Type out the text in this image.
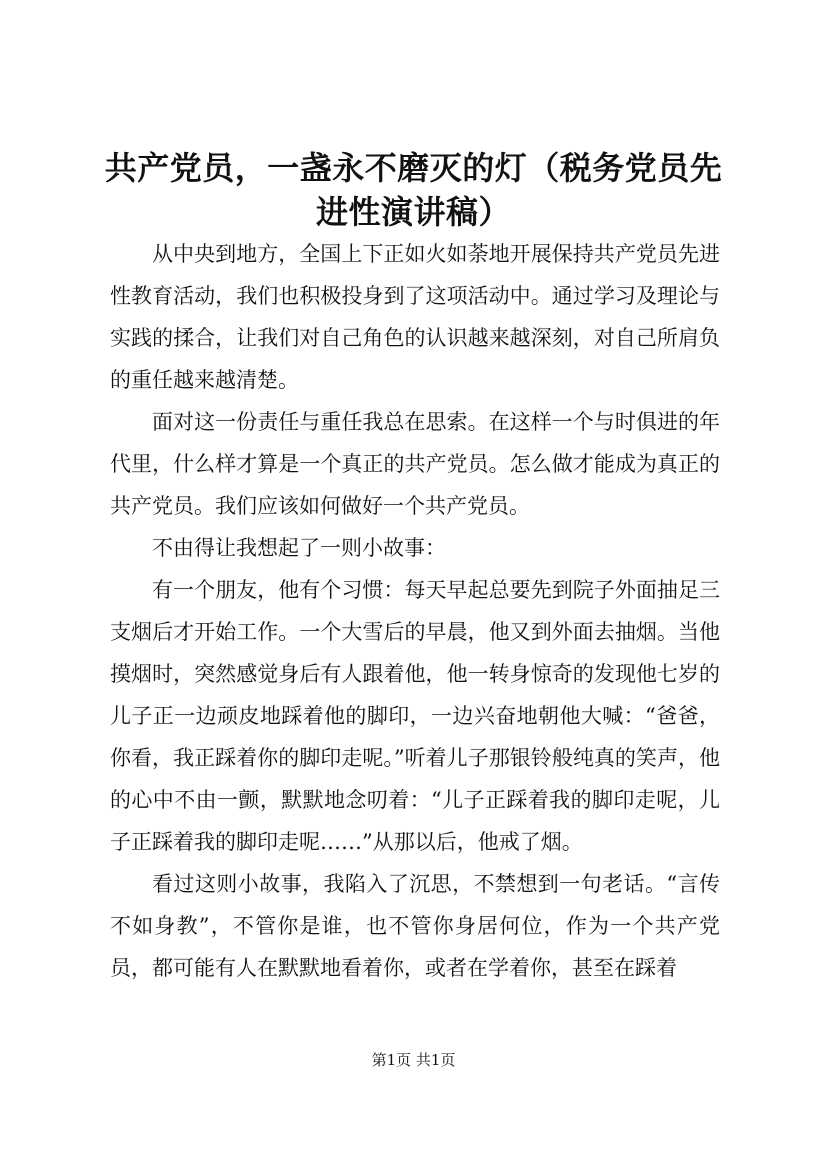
共产党员，一盏永不磨灭的灯（税务党员先进性演讲稿）

从中央到地方，全国上下正如火如荼地开展保持共产党员先进性教育活动，我们也积极投身到了这项活动中。通过学习及理论与实践的揉合，让我们对自己角色的认识越来越深刻，对自己所肩负的重任越来越清楚。

面对这一份责任与重任我总在思索。在这样一个与时俱进的年代里，什么样才算是一个真正的共产党员。怎么做才能成为真正的共产党员。我们应该如何做好一个共产党员。

不由得让我想起了一则小故事：

有一个朋友，他有个习惯：每天早起总要先到院子外面抽足三支烟后才开始工作。一个大雪后的早晨，他又到外面去抽烟。当他摸烟时，突然感觉身后有人跟着他，他一转身惊奇的发现他七岁的儿子正一边顽皮地踩着他的脚印，一边兴奋地朝他大喊：“爸爸，你看，我正踩着你的脚印走呢。”听着儿子那银铃般纯真的笑声，他的心中不由一颤，默默地念叨着：“儿子正踩着我的脚印走呢，儿子正踩着我的脚印走呢……”从那以后，他戒了烟。

看过这则小故事，我陷入了沉思，不禁想到一句老话。“言传不如身教”，不管你是谁，也不管你身居何位，作为一个共产党员，都可能有人在默默地看着你，或者在学着你，甚至在踩着

第1页 共1页
